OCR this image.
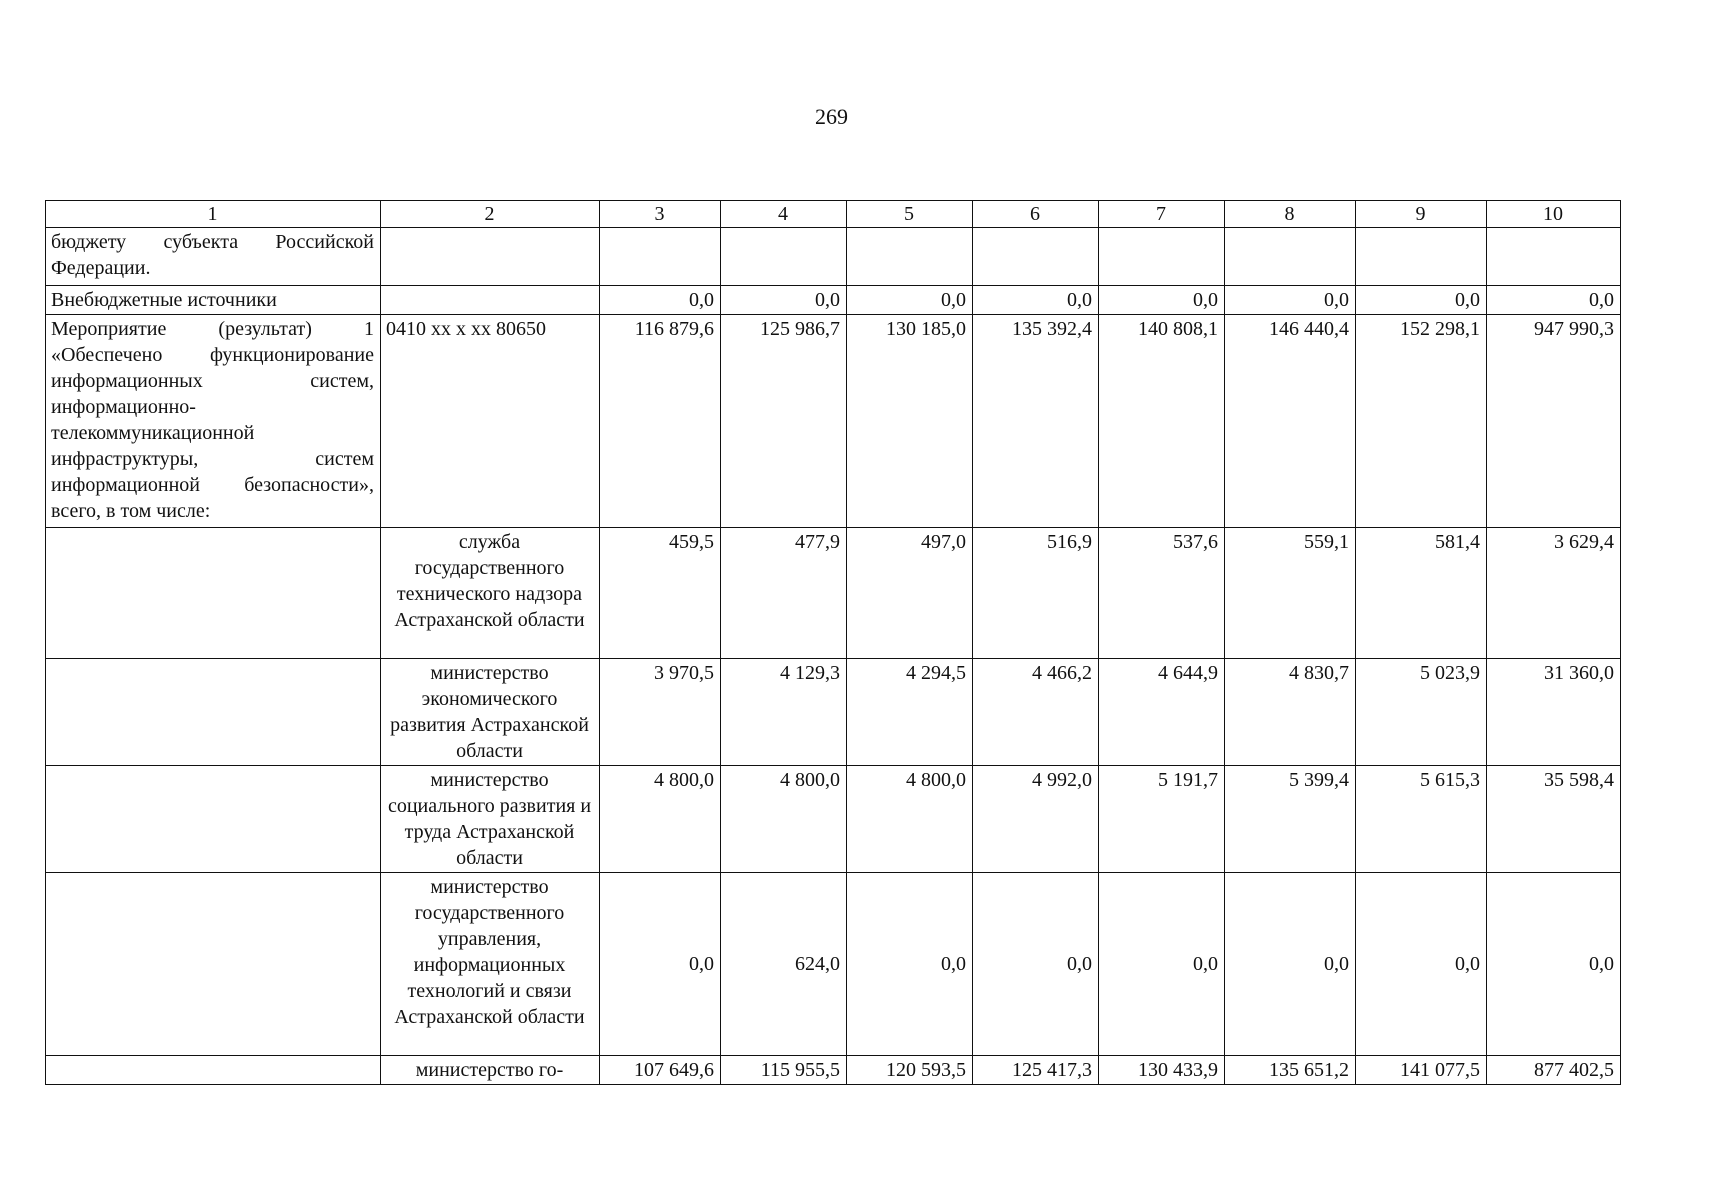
269
1	2	3	4	5	6	7	8	9	10
бюджету субъекта Российской Федерации.									
Внебюджетные источники		0,0	0,0	0,0	0,0	0,0	0,0	0,0	0,0
Мероприятие (результат) 1 «Обеспечено функционирование информационных систем, информационно-телекоммуникационной инфраструктуры, систем информационной безопасности», всего, в том числе:	0410 xx x xx 80650	116 879,6	125 986,7	130 185,0	135 392,4	140 808,1	146 440,4	152 298,1	947 990,3
	служба государственного технического надзора Астраханской области	459,5	477,9	497,0	516,9	537,6	559,1	581,4	3 629,4
	министерство экономического развития Астраханской области	3 970,5	4 129,3	4 294,5	4 466,2	4 644,9	4 830,7	5 023,9	31 360,0
	министерство социального развития и труда Астраханской области	4 800,0	4 800,0	4 800,0	4 992,0	5 191,7	5 399,4	5 615,3	35 598,4
	министерство государственного управления, информационных технологий и связи Астраханской области	0,0	624,0	0,0	0,0	0,0	0,0	0,0	0,0
	министерство го-	107 649,6	115 955,5	120 593,5	125 417,3	130 433,9	135 651,2	141 077,5	877 402,5
